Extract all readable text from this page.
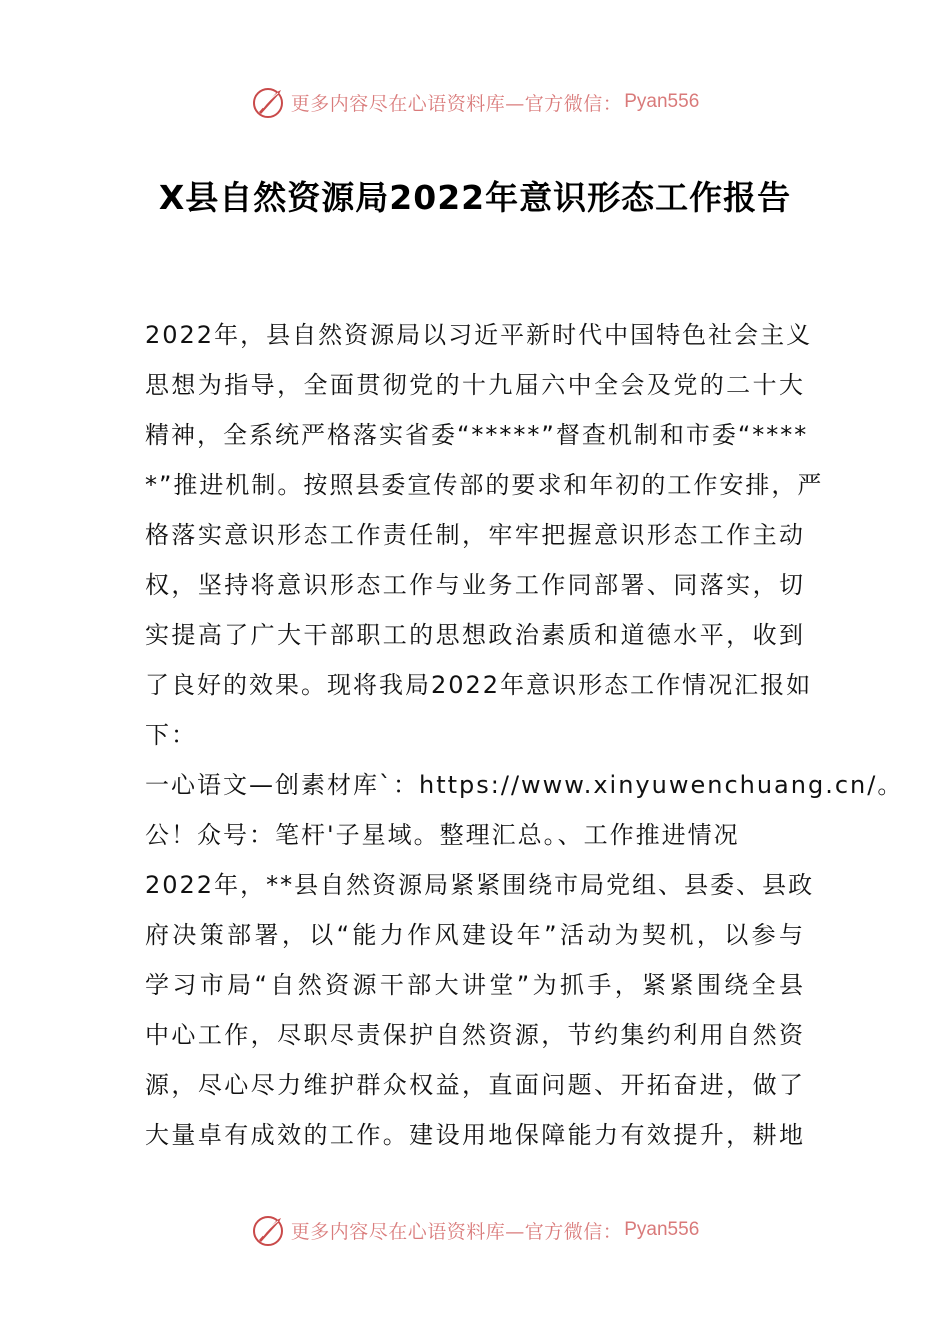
更多内容尽在心语资料库—官方微信： Pyan556
X县自然资源局2022年意识形态工作报告
2022年，县自然资源局以习近平新时代中国特色社会主义
思想为指导，全面贯彻党的十九届六中全会及党的二十大
精神，全系统严格落实省委“*****”督查机制和市委“****
*”推进机制。按照县委宣传部的要求和年初的工作安排，严
格落实意识形态工作责任制，牢牢把握意识形态工作主动
权，坚持将意识形态工作与业务工作同部署、同落实，切
实提高了广大干部职工的思想政治素质和道德水平，收到
了良好的效果。现将我局2022年意识形态工作情况汇报如
下：
一心语文—创素材库`：https://www.xinyuwenchuang.cn/。
公！众号：笔杆'子星域。整理汇总。、工作推进情况
2022年，**县自然资源局紧紧围绕市局党组、县委、县政
府决策部署，以“能力作风建设年”活动为契机，以参与
学习市局“自然资源干部大讲堂”为抓手，紧紧围绕全县
中心工作，尽职尽责保护自然资源，节约集约利用自然资
源，尽心尽力维护群众权益，直面问题、开拓奋进，做了
大量卓有成效的工作。建设用地保障能力有效提升，耕地
更多内容尽在心语资料库—官方微信： Pyan556
